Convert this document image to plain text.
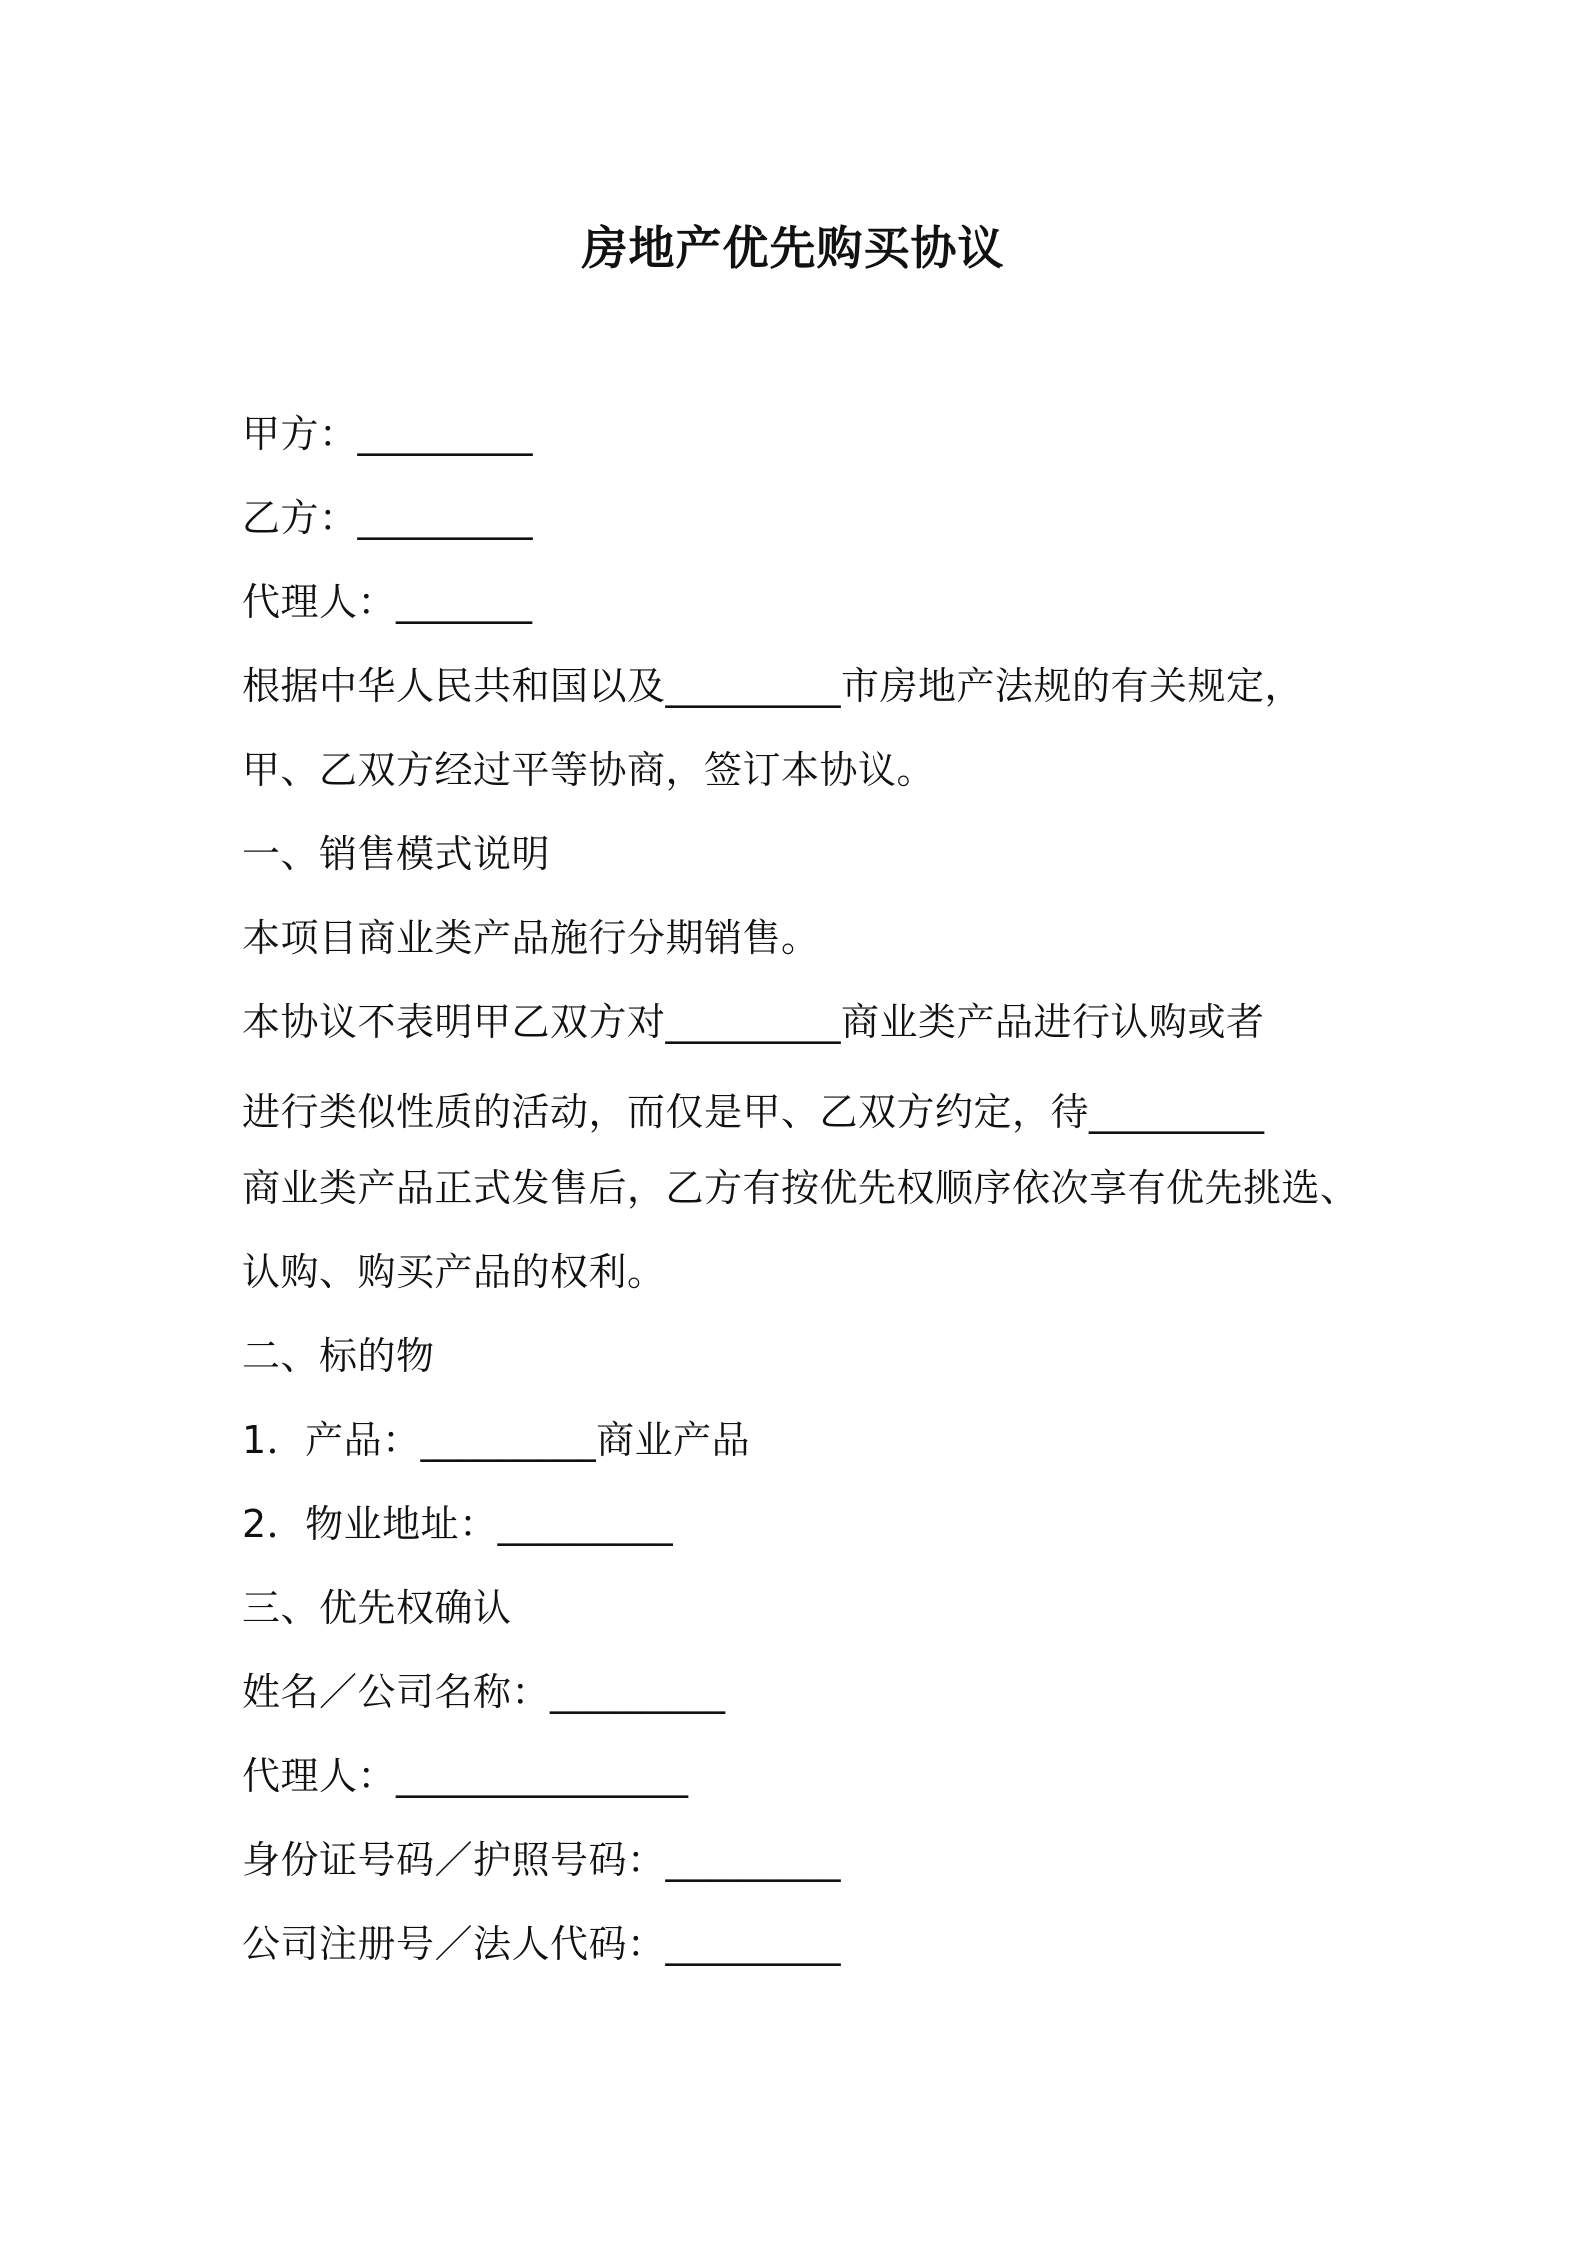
房地产优先购买协议
甲方：_________
乙方：_________
代理人：_______
根据中华人民共和国以及_________市房地产法规的有关规定，
甲、乙双方经过平等协商，签订本协议。
一、销售模式说明
本项目商业类产品施行分期销售。
本协议不表明甲乙双方对_________商业类产品进行认购或者
进行类似性质的活动，而仅是甲、乙双方约定，待_________
商业类产品正式发售后，乙方有按优先权顺序依次享有优先挑选、
认购、购买产品的权利。
二、标的物
1．产品：_________商业产品
2．物业地址：_________
三、优先权确认
姓名／公司名称：_________
代理人：_______________
身份证号码／护照号码：_________
公司注册号／法人代码：_________
